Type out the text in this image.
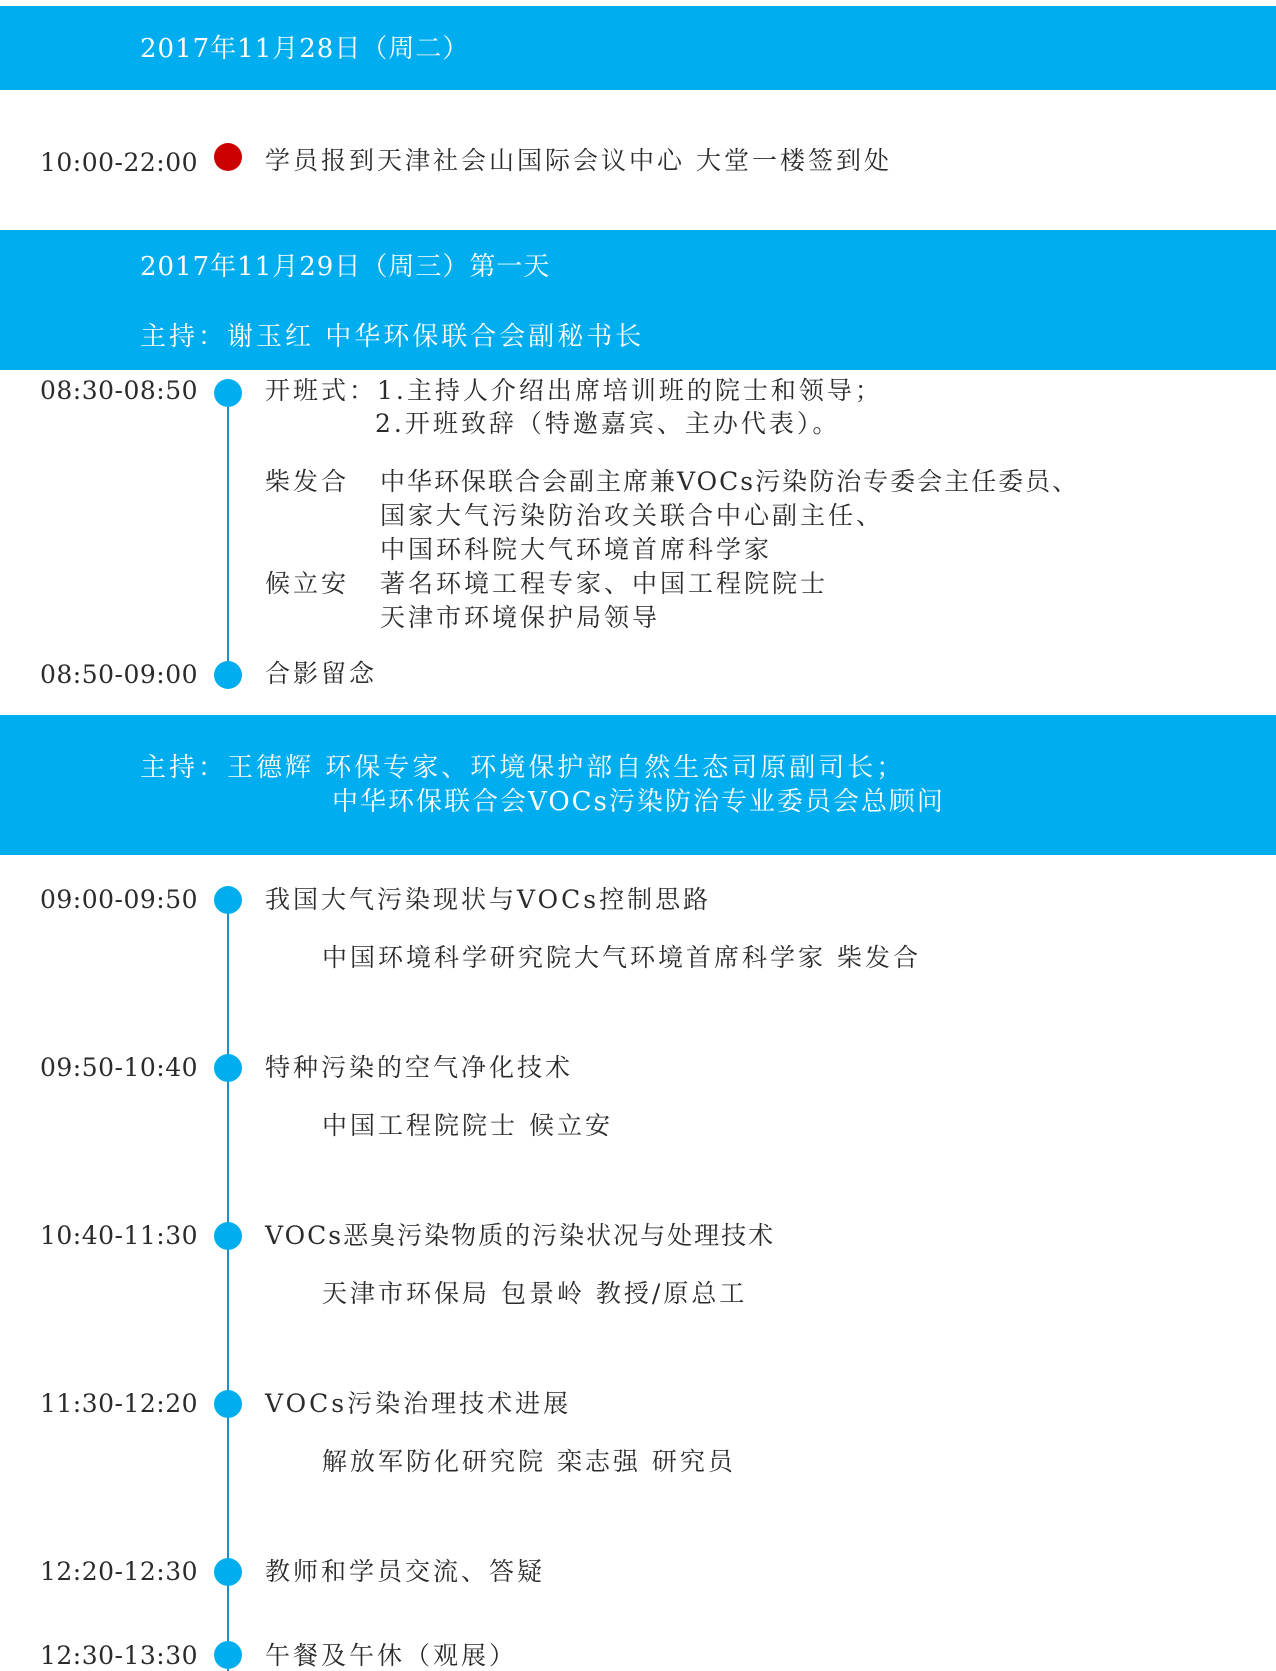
2017年11月28日（周二）
10:00-22:00	学员报到天津社会山国际会议中心 大堂一楼签到处
2017年11月29日（周三）第一天
主持：谢玉红 中华环保联合会副秘书长
08:30-08:50	开班式：1.主持人介绍出席培训班的院士和领导；
2.开班致辞（特邀嘉宾、主办代表）。
柴发合 中华环保联合会副主席兼VOCs污染防治专委会主任委员、
国家大气污染防治攻关联合中心副主任、
中国环科院大气环境首席科学家
候立安 著名环境工程专家、中国工程院院士
天津市环境保护局领导
08:50-09:00	合影留念
主持：王德辉 环保专家、环境保护部自然生态司原副司长；
中华环保联合会VOCs污染防治专业委员会总顾问
09:00-09:50	我国大气污染现状与VOCs控制思路
中国环境科学研究院大气环境首席科学家 柴发合
09:50-10:40	特种污染的空气净化技术
中国工程院院士 候立安
10:40-11:30	VOCs恶臭污染物质的污染状况与处理技术
天津市环保局 包景岭 教授/原总工
11:30-12:20	VOCs污染治理技术进展
解放军防化研究院 栾志强 研究员
12:20-12:30	教师和学员交流、答疑
12:30-13:30	午餐及午休（观展）
